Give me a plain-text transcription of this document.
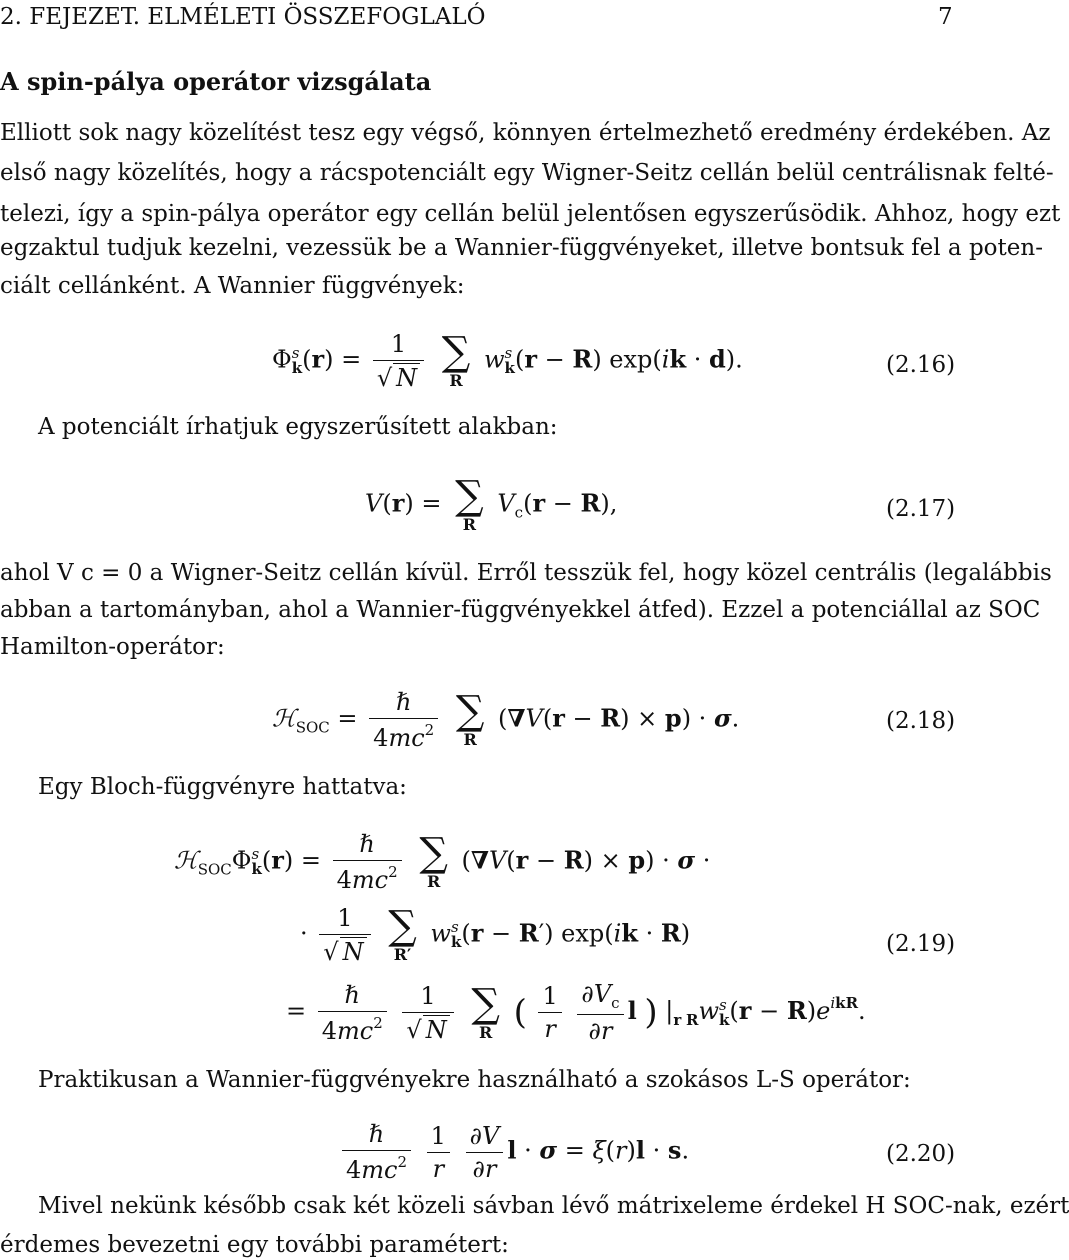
2. FEJEZET. ELMÉLETI ÖSSZEFOGLALÓ	7
A spin-pálya operátor vizsgálata
Elliott sok nagy közelítést tesz egy végső, könnyen értelmezhető eredmény érdekében. Az
első nagy közelítés, hogy a rácspotenciált egy Wigner-Seitz cellán belül centrálisnak felté-
telezi, így a spin-pálya operátor egy cellán belül jelentősen egyszerűsödik. Ahhoz, hogy ezt
egzaktul tudjuk kezelni, vezessük be a Wannier-függvényeket, illetve bontsuk fel a poten-
ciált cellánként. A Wannier függvények:
Φ s
k $(r) = \frac{1}{√ N}$
∑
R
w s
k (r − R) exp(ik · d).	(2.16)
A potenciált írhatjuk egyszerűsített alakban:
V(r) = ∑
R
$V_c(r - R)$,	(2.17)
ahol V c = 0 a Wigner-Seitz cellán kívül. Erről tesszük fel, hogy közel centrális (legalábbis
abban a tartományban, ahol a Wannier-függvényekkel átfed). Ezzel a potenciállal az SOC
Hamilton-operátor:
ℋ$_{SOC}$ = $\frac{\text{ℏ}}{4mc^2}$
∑
R
(∇V(r − R) × p) · σ.	(2.18)
Egy Bloch-függvényre hattatva:
ℋ$_{SOC}$Φ s
k $(r) = \frac{\text{ℏ}}{4mc^2}$
∑
R
(∇V(r − R) × p) · σ ·
· $\frac{1}{√ N}$
∑
R′
w s
k (r − R′) exp(ik · R)	(2.19)
= $\frac{\text{ℏ}}{4mc^2}$
$\frac{1}{√ N}$
∑
R ( $\frac{1}{r}$
$\frac{\partial V_c}{\partial r}$ l ) $|_{r R}w$ s
k $(r - R)e^{ikR}$.
Praktikusan a Wannier-függvényekre használható a szokásos L-S operátor:
$\frac{\text{ℏ}}{4mc^2}$
$\frac{1}{r}$
$\frac{\partial V}{\partial r}$ l · σ = ξ(r)l · s.	(2.20)
Mivel nekünk később csak két közeli sávban lévő mátrixeleme érdekel H SOC-nak, ezért
érdemes bevezetni egy további paramétert:
